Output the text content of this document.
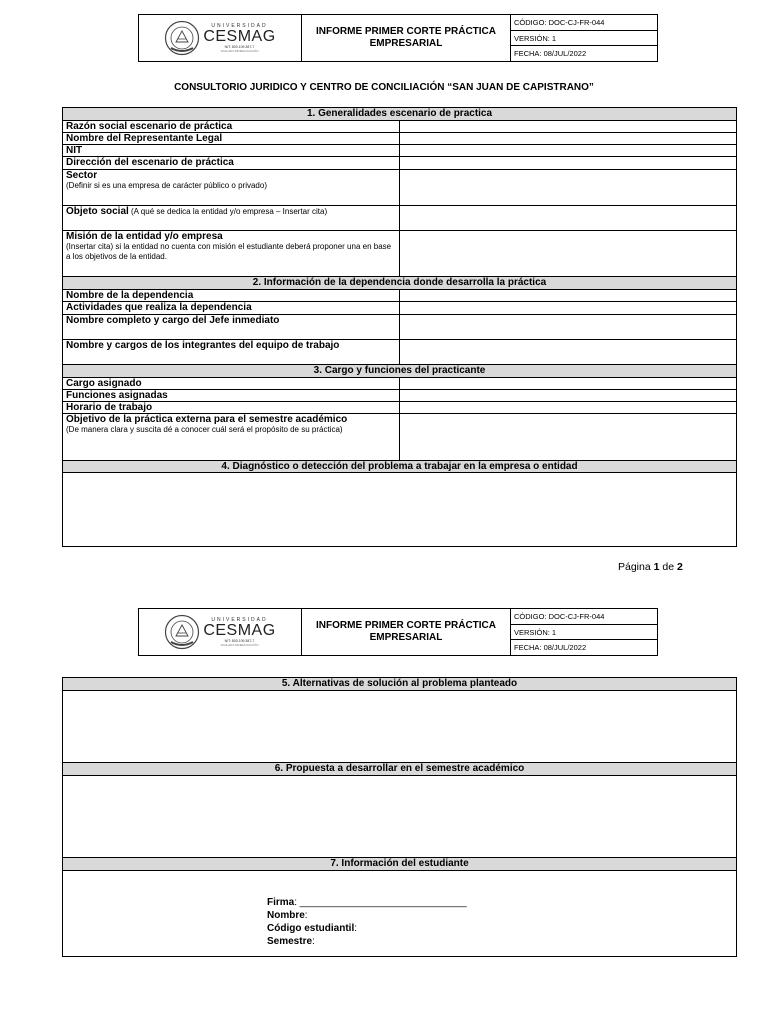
UNIVERSIDAD
CESMAG
NIT: 800.109.387-7
VIGILADA MINEDUCACIÓN
INFORME PRIMER CORTE PRÁCTICA EMPRESARIAL
CÓDIGO: DOC-CJ-FR-044
VERSIÓN: 1
FECHA: 08/JUL/2022
CONSULTORIO JURIDICO Y CENTRO DE CONCILIACIÓN “SAN JUAN DE CAPISTRANO”
1. Generalidades escenario de practica	
Razón social escenario de práctica	
Nombre del Representante Legal	
NIT	
Dirección del escenario de práctica	
Sector
(Definir si es una empresa de carácter público o privado)	

Objeto social (A qué se dedica la entidad y/o empresa – Insertar cita)	
Misión de la entidad y/o empresa
(Insertar cita) si la entidad no cuenta con misión el estudiante deberá proponer una en base a los objetivos de la entidad.	

2. Información de la dependencia donde desarrolla la práctica	
Nombre de la dependencia	
Actividades que realiza la dependencia	
Nombre completo y cargo del Jefe inmediato	
Nombre y cargos de los integrantes del equipo de trabajo	
3. Cargo y funciones del practicante	
Cargo asignado	
Funciones asignadas	
Horario de trabajo	
Objetivo de la práctica externa para el semestre académico
(De manera clara y suscita dé a conocer cuál será el propósito de su práctica)	

4. Diagnóstico o detección del problema a trabajar en la empresa o entidad	

Página 1 de 2
UNIVERSIDAD
CESMAG
NIT: 800.109.387-7
VIGILADA MINEDUCACIÓN
INFORME PRIMER CORTE PRÁCTICA EMPRESARIAL
CÓDIGO: DOC-CJ-FR-044
VERSIÓN: 1
FECHA: 08/JUL/2022
5. Alternativas de solución al problema planteado

6. Propuesta a desarrollar en el semestre académico

7. Información del estudiante

Firma: ______________________________
Nombre:
Código estudiantil:
Semestre:
